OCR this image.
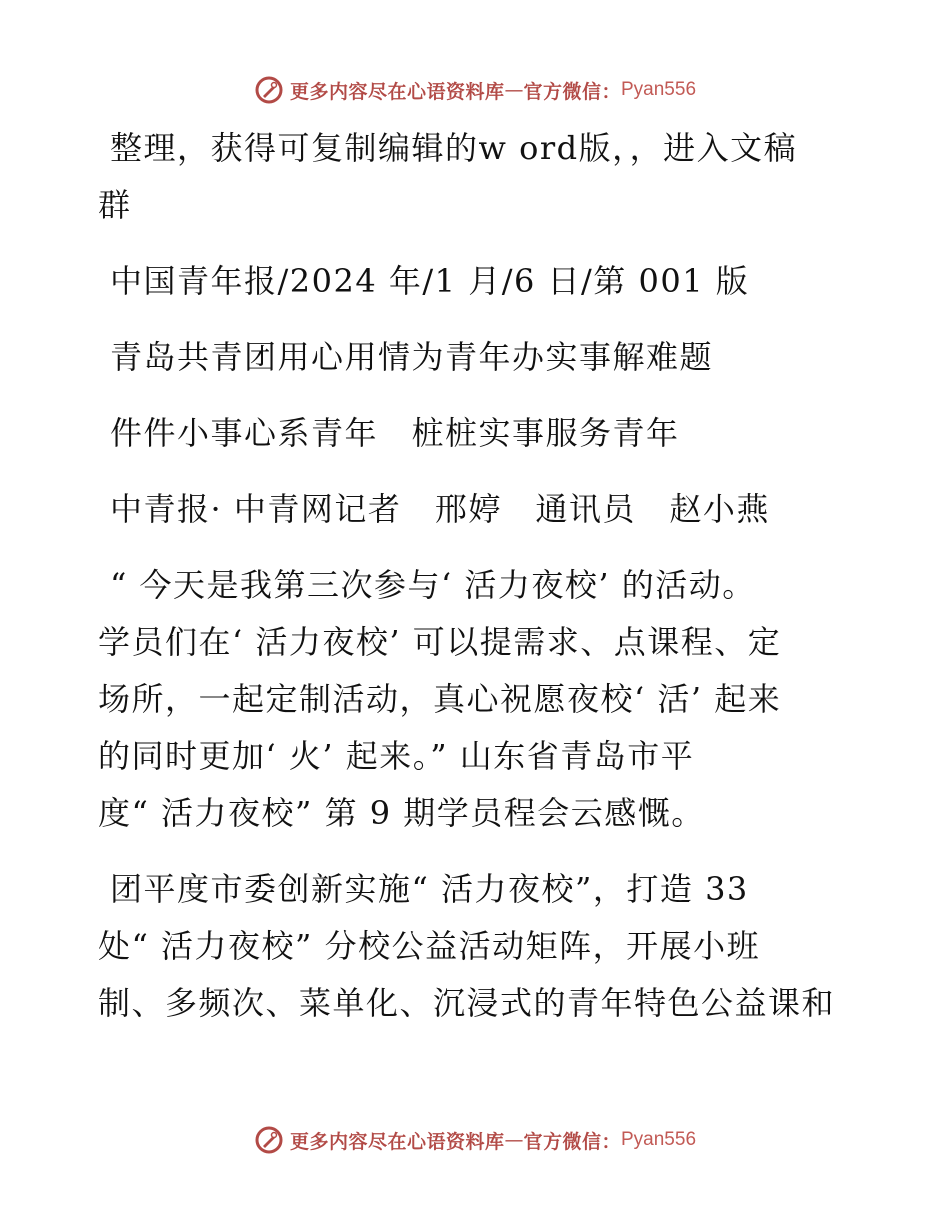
更多内容尽在心语资料库 — 官方微信： Pyan556
整理，获得可复制编辑的w ord版，，进入文稿
群
中国青年报/2024 年/1 月/6 日/第 001 版
青岛共青团用心用情为青年办实事解难题
件件小事心系青年　桩桩实事服务青年
中青报· 中青网记者　邢婷　通讯员　赵小燕
“ 今天是我第三次参与‘ 活力夜校’ 的活动。
学员们在‘ 活力夜校’ 可以提需求、点课程、定
场所，一起定制活动，真心祝愿夜校‘ 活’ 起来
的同时更加‘ 火’ 起来。” 山东省青岛市平
度“ 活力夜校” 第 9 期学员程会云感慨。
团平度市委创新实施“ 活力夜校”，打造 33
处“ 活力夜校” 分校公益活动矩阵，开展小班
制、多频次、菜单化、沉浸式的青年特色公益课和
更多内容尽在心语资料库 — 官方微信： Pyan556
